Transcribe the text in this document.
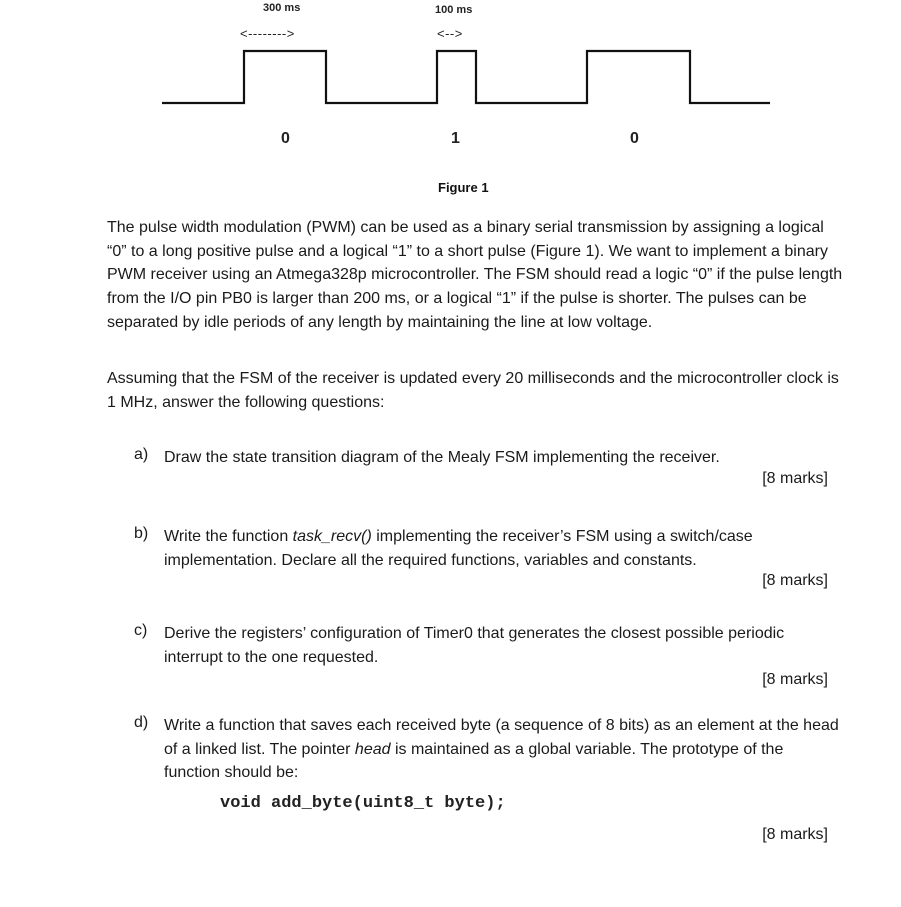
300 ms	100 ms
<-------->	<-->
0	1	0
Figure 1

The pulse width modulation (PWM) can be used as a binary serial transmission by assigning a logical “0” to a long positive pulse and a logical “1” to a short pulse (Figure 1). We want to implement a binary PWM receiver using an Atmega328p microcontroller. The FSM should read a logic “0” if the pulse length from the I/O pin PB0 is larger than 200 ms, or a logical “1” if the pulse is shorter. The pulses can be separated by idle periods of any length by maintaining the line at low voltage.

Assuming that the FSM of the receiver is updated every 20 milliseconds and the microcontroller clock is 1 MHz, answer the following questions:

a) Draw the state transition diagram of the Mealy FSM implementing the receiver.

[8 marks]
b) Write the function task_recv() implementing the receiver’s FSM using a switch/case implementation. Declare all the required functions, variables and constants.

[8 marks]
c) Derive the registers’ configuration of Timer0 that generates the closest possible periodic interrupt to the one requested.

[8 marks]
d) Write a function that saves each received byte (a sequence of 8 bits) as an element at the head of a linked list. The pointer head is maintained as a global variable. The prototype of the function should be:

void add_byte(uint8_t byte);
[8 marks]
